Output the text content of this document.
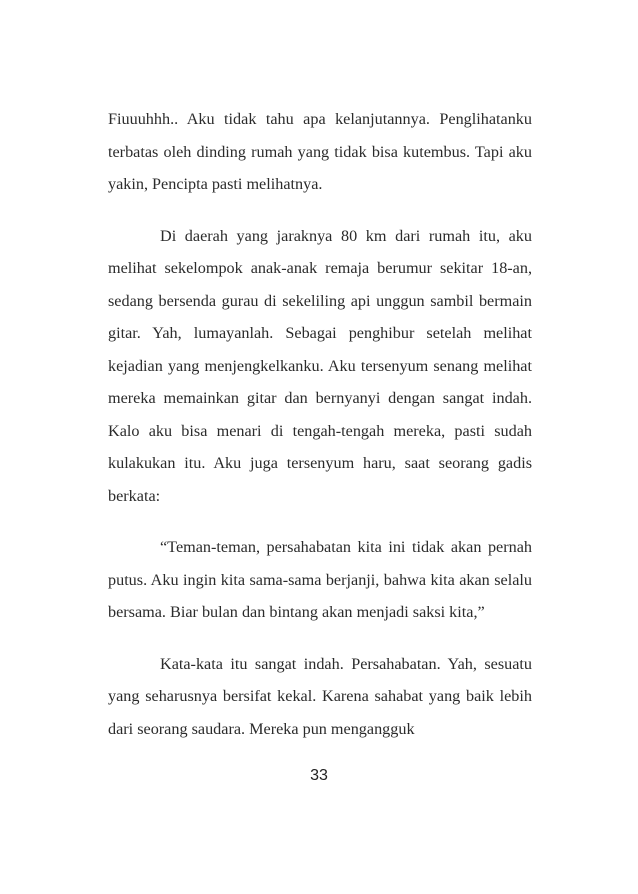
Fiuuuhhh.. Aku tidak tahu apa kelanjutannya. Penglihatanku terbatas oleh dinding rumah yang tidak bisa kutembus. Tapi aku yakin, Pencipta pasti melihatnya.

Di daerah yang jaraknya 80 km dari rumah itu, aku melihat sekelompok anak-anak remaja berumur sekitar 18-an, sedang bersenda gurau di sekeliling api unggun sambil bermain gitar. Yah, lumayanlah. Sebagai penghibur setelah melihat kejadian yang menjengkelkanku. Aku tersenyum senang melihat mereka memainkan gitar dan bernyanyi dengan sangat indah. Kalo aku bisa menari di tengah-tengah mereka, pasti sudah kulakukan itu. Aku juga tersenyum haru, saat seorang gadis berkata:

“Teman-teman, persahabatan kita ini tidak akan pernah putus. Aku ingin kita sama-sama berjanji, bahwa kita akan selalu bersama. Biar bulan dan bintang akan menjadi saksi kita,”

Kata-kata itu sangat indah. Persahabatan. Yah, sesuatu yang seharusnya bersifat kekal. Karena sahabat yang baik lebih dari seorang saudara. Mereka pun mengangguk

33
